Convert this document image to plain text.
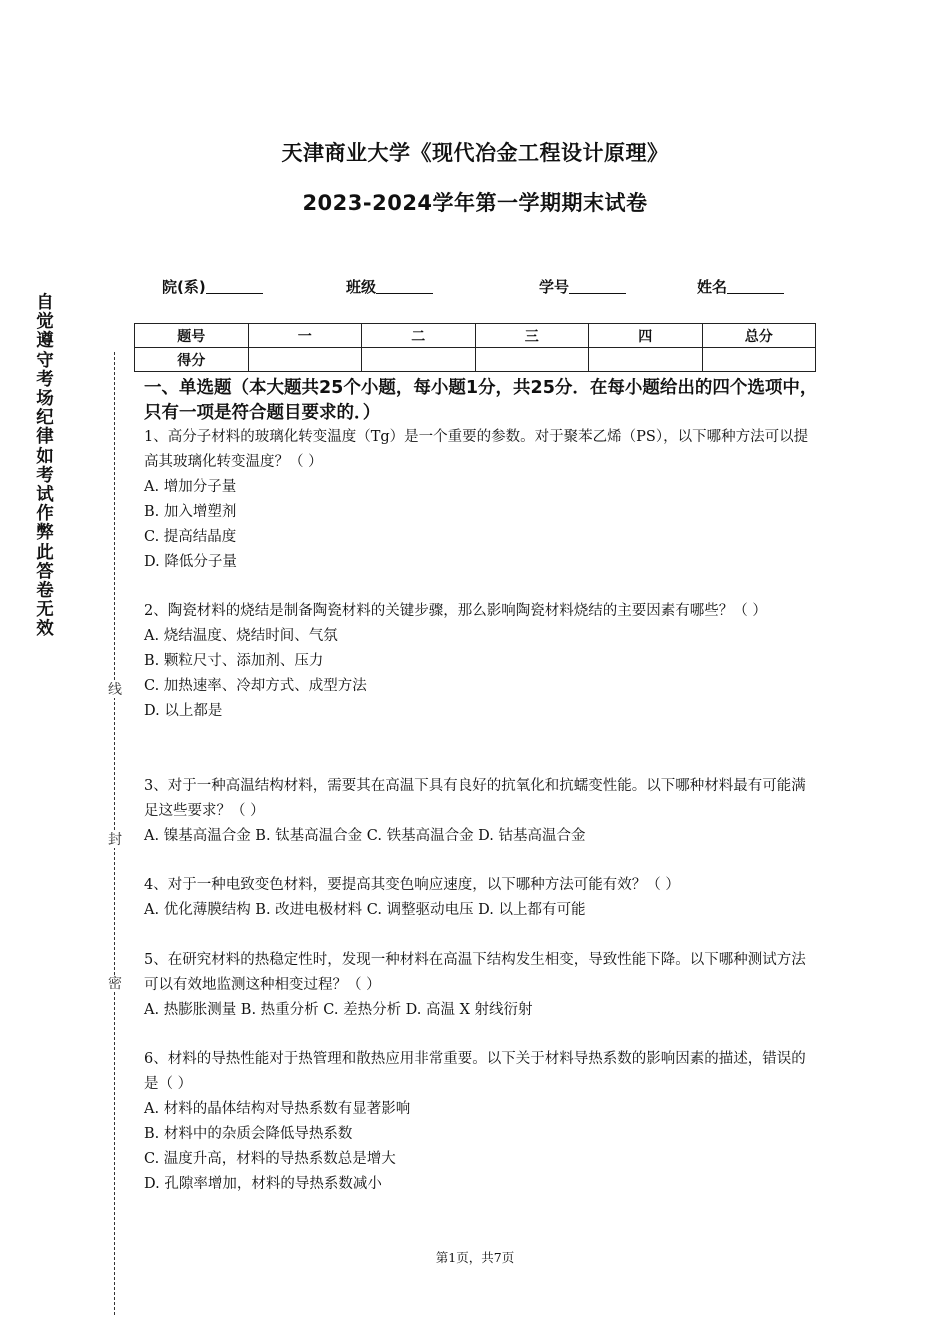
天津商业大学《现代冶金工程设计原理》
2023-2024学年第一学期期末试卷
院(系)	班级	学号	姓名
题号	一	二	三	四	总分
得分					
自觉遵守考场纪律如考试作弊此答卷无效
线
封
密
一、单选题（本大题共25个小题，每小题1分，共25分．在每小题给出的四个选项中，只有一项是符合题目要求的．）

1、高分子材料的玻璃化转变温度（Tg）是一个重要的参数。对于聚苯乙烯（PS），以下哪种方法可以提高其玻璃化转变温度？（ ）

A. 增加分子量

B. 加入增塑剂

C. 提高结晶度

D. 降低分子量

2、陶瓷材料的烧结是制备陶瓷材料的关键步骤，那么影响陶瓷材料烧结的主要因素有哪些？（ ）

A. 烧结温度、烧结时间、气氛

B. 颗粒尺寸、添加剂、压力

C. 加热速率、冷却方式、成型方法

D. 以上都是

3、对于一种高温结构材料，需要其在高温下具有良好的抗氧化和抗蠕变性能。以下哪种材料最有可能满足这些要求？（ ）

A. 镍基高温合金 B. 钛基高温合金 C. 铁基高温合金 D. 钴基高温合金

4、对于一种电致变色材料，要提高其变色响应速度，以下哪种方法可能有效？（ ）

A. 优化薄膜结构 B. 改进电极材料 C. 调整驱动电压 D. 以上都有可能

5、在研究材料的热稳定性时，发现一种材料在高温下结构发生相变，导致性能下降。以下哪种测试方法可以有效地监测这种相变过程？（ ）

A. 热膨胀测量 B. 热重分析 C. 差热分析 D. 高温 X 射线衍射

6、材料的导热性能对于热管理和散热应用非常重要。以下关于材料导热系数的影响因素的描述，错误的是（ ）

A. 材料的晶体结构对导热系数有显著影响

B. 材料中的杂质会降低导热系数

C. 温度升高，材料的导热系数总是增大

D. 孔隙率增加，材料的导热系数减小

第1页，共7页
